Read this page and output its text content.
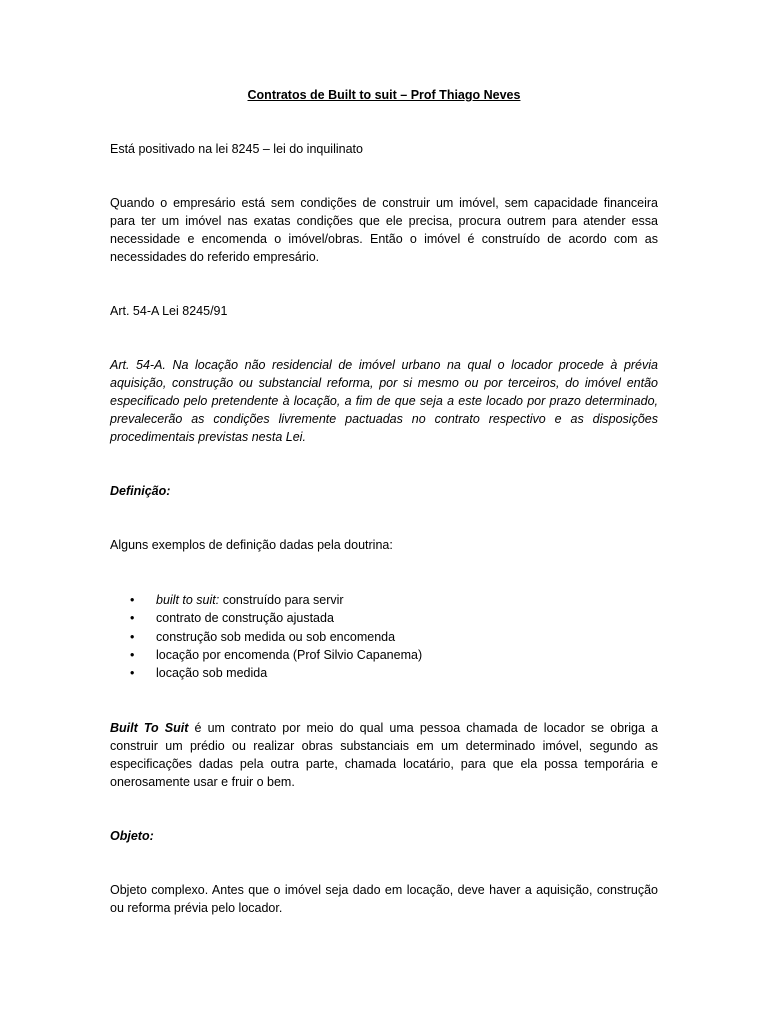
Contratos de Built to suit – Prof Thiago Neves

Está positivado na lei 8245 – lei do inquilinato

Quando o empresário está sem condições de construir um imóvel, sem capacidade financeira para ter um imóvel nas exatas condições que ele precisa, procura outrem para atender essa necessidade e encomenda o imóvel/obras. Então o imóvel é construído de acordo com as necessidades do referido empresário.

Art. 54-A Lei 8245/91

Art. 54-A. Na locação não residencial de imóvel urbano na qual o locador procede à prévia aquisição, construção ou substancial reforma, por si mesmo ou por terceiros, do imóvel então especificado pelo pretendente à locação, a fim de que seja a este locado por prazo determinado, prevalecerão as condições livremente pactuadas no contrato respectivo e as disposições procedimentais previstas nesta Lei.

Definição:

Alguns exemplos de definição dadas pela doutrina:

• built to suit: construído para servir
• contrato de construção ajustada
• construção sob medida ou sob encomenda
• locação por encomenda (Prof Silvio Capanema)
• locação sob medida

Built To Suit é um contrato por meio do qual uma pessoa chamada de locador se obriga a construir um prédio ou realizar obras substanciais em um determinado imóvel, segundo as especificações dadas pela outra parte, chamada locatário, para que ela possa temporária e onerosamente usar e fruir o bem.

Objeto:

Objeto complexo. Antes que o imóvel seja dado em locação, deve haver a aquisição, construção ou reforma prévia pelo locador.
